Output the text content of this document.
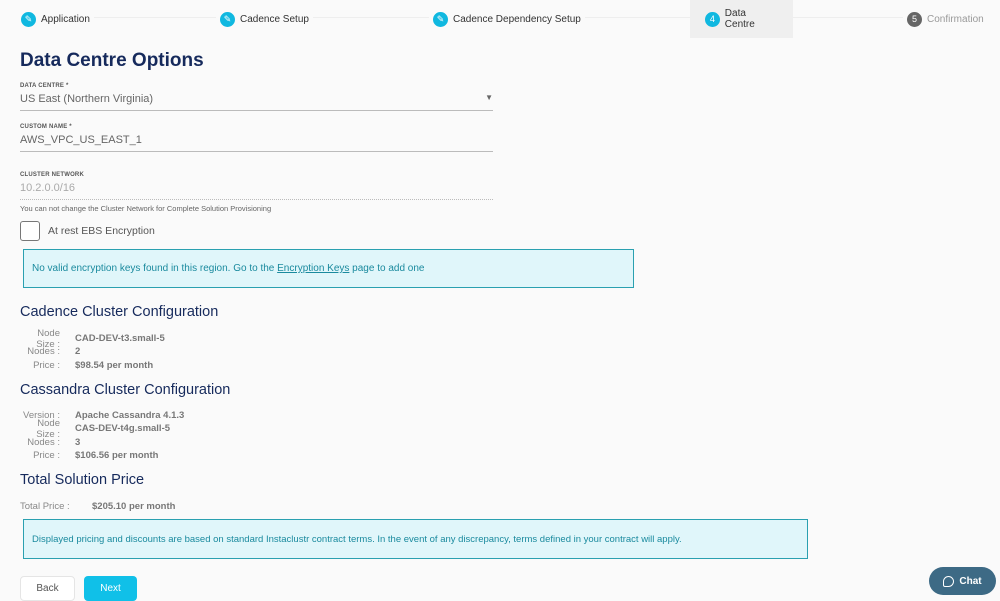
✎ Application	✎ Cadence Setup	✎ Cadence Dependency Setup	4 Data Centre	5	Confirmation
Data Centre Options
DATA CENTRE *
US East (Northern Virginia)	▼
CUSTOM NAME *
AWS_VPC_US_EAST_1
CLUSTER NETWORK
10.2.0.0/16
You can not change the Cluster Network for Complete Solution Provisioning
At rest EBS Encryption
No valid encryption keys found in this region. Go to the Encryption Keys page to add one
Cadence Cluster Configuration
Node Size :
CAD-DEV-t3.small-5
Nodes :	2
Price :	$98.54 per month
Cassandra Cluster Configuration
Version :	Apache Cassandra 4.1.3
Node Size :
CAS-DEV-t4g.small-5
Nodes :	3
Price :	$106.56 per month
Total Solution Price
Total Price :	$205.10 per month
Displayed pricing and discounts are based on standard Instaclustr contract terms. In the event of any discrepancy, terms defined in your contract will apply.
Back	Next
Chat
